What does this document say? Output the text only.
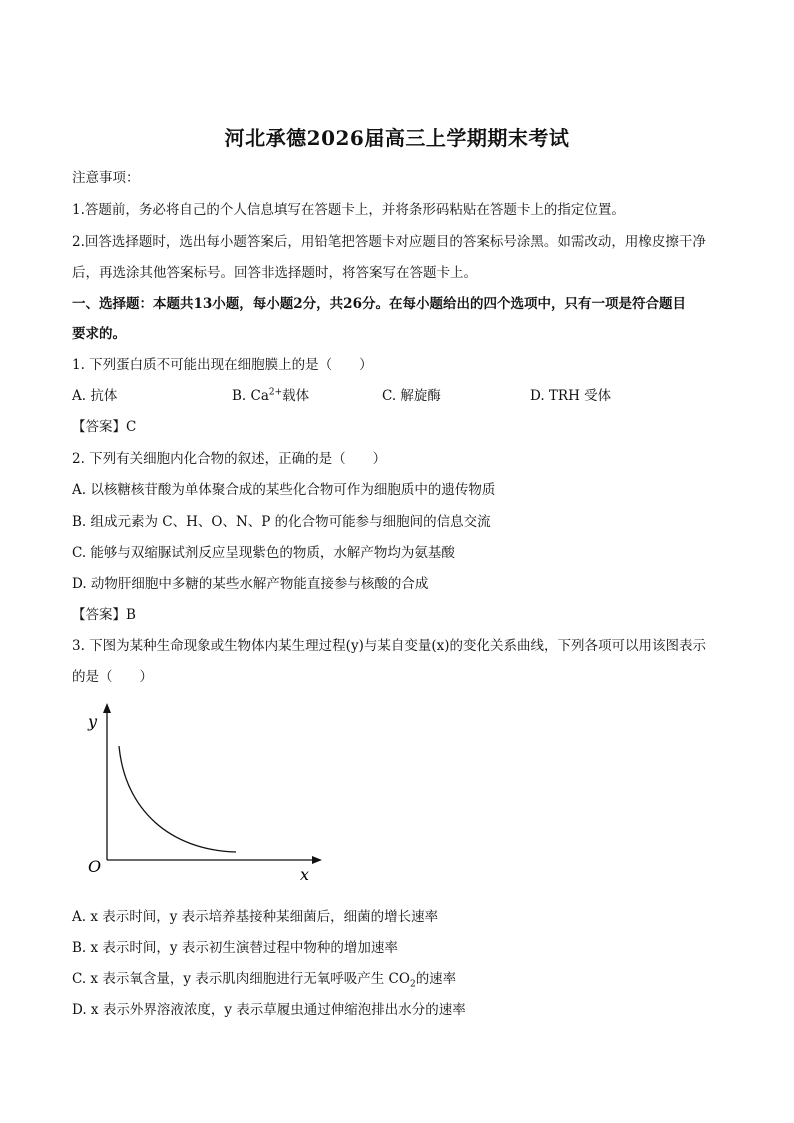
河北承德2026届高三上学期期末考试
注意事项：
1.答题前，务必将自己的个人信息填写在答题卡上，并将条形码粘贴在答题卡上的指定位置。
2.回答选择题时，选出每小题答案后，用铅笔把答题卡对应题目的答案标号涂黑。如需改动，用橡皮擦干净
后，再选涂其他答案标号。回答非选择题时，将答案写在答题卡上。
一、选择题：本题共13小题，每小题2分，共26分。在每小题给出的四个选项中，只有一项是符合题目
要求的。
1. 下列蛋白质不可能出现在细胞膜上的是（　　）
A. 抗体	B. $Ca^{2+}$载体	C. 解旋酶	D. TRH 受体
【答案】C
2. 下列有关细胞内化合物的叙述，正确的是（　　）
A. 以核糖核苷酸为单体聚合成的某些化合物可作为细胞质中的遗传物质
B. 组成元素为 C、H、O、N、P 的化合物可能参与细胞间的信息交流
C. 能够与双缩脲试剂反应呈现紫色的物质，水解产物均为氨基酸
D. 动物肝细胞中多糖的某些水解产物能直接参与核酸的合成
【答案】B
3. 下图为某种生命现象或生物体内某生理过程(y)与某自变量(x)的变化关系曲线，下列各项可以用该图表示
的是（　　）
y
x
O
A. x 表示时间，y 表示培养基接种某细菌后，细菌的增长速率
B. x 表示时间，y 表示初生演替过程中物种的增加速率
C. x 表示氧含量，y 表示肌肉细胞进行无氧呼吸产生 $CO_2$的速率
D. x 表示外界溶液浓度，y 表示草履虫通过伸缩泡排出水分的速率
